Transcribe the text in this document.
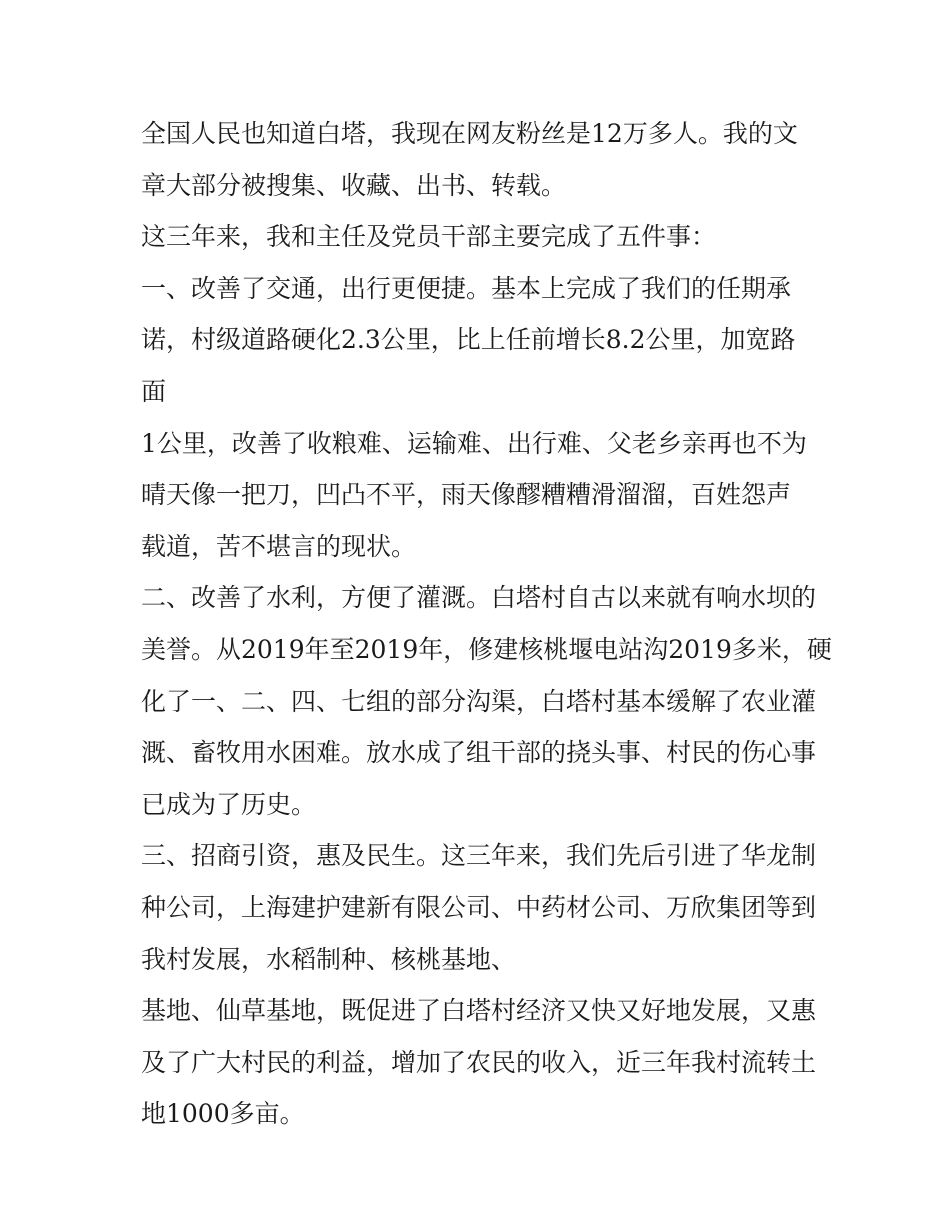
全国人民也知道白塔，我现在网友粉丝是12万多人。我的文
章大部分被搜集、收藏、出书、转载。
这三年来，我和主任及党员干部主要完成了五件事：
一、改善了交通，出行更便捷。基本上完成了我们的任期承
诺，村级道路硬化2.3公里，比上任前增长8.2公里，加宽路
面
1公里，改善了收粮难、运输难、出行难、父老乡亲再也不为
晴天像一把刀，凹凸不平，雨天像醪糟糟滑溜溜，百姓怨声
载道，苦不堪言的现状。
二、改善了水利，方便了灌溉。白塔村自古以来就有响水坝的
美誉。从2019年至2019年，修建核桃堰电站沟2019多米，硬
化了一、二、四、七组的部分沟渠，白塔村基本缓解了农业灌
溉、畜牧用水困难。放水成了组干部的挠头事、村民的伤心事
已成为了历史。
三、招商引资，惠及民生。这三年来，我们先后引进了华龙制
种公司，上海建护建新有限公司、中药材公司、万欣集团等到
我村发展，水稻制种、核桃基地、
基地、仙草基地，既促进了白塔村经济又快又好地发展，又惠
及了广大村民的利益，增加了农民的收入，近三年我村流转土
地1000多亩。
